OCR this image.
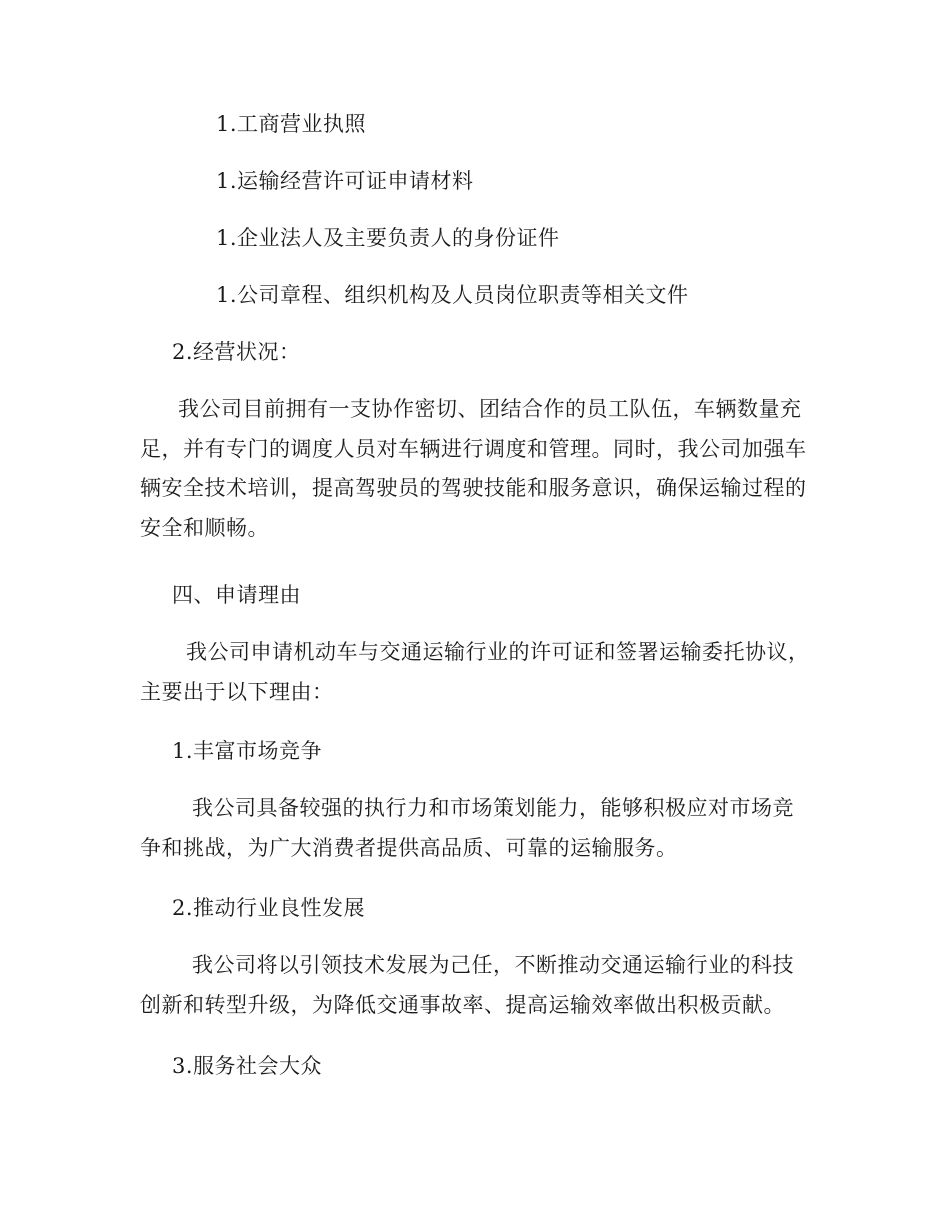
1.工商营业执照
1.运输经营许可证申请材料
1.企业法人及主要负责人的身份证件
1.公司章程、组织机构及人员岗位职责等相关文件
2.经营状况：
我公司目前拥有一支协作密切、团结合作的员工队伍，车辆数量充足，并有专门的调度人员对车辆进行调度和管理。同时，我公司加强车辆安全技术培训，提高驾驶员的驾驶技能和服务意识，确保运输过程的安全和顺畅。
四、申请理由
我公司申请机动车与交通运输行业的许可证和签署运输委托协议，主要出于以下理由：
1.丰富市场竞争
我公司具备较强的执行力和市场策划能力，能够积极应对市场竞争和挑战，为广大消费者提供高品质、可靠的运输服务。
2.推动行业良性发展
我公司将以引领技术发展为己任，不断推动交通运输行业的科技创新和转型升级，为降低交通事故率、提高运输效率做出积极贡献。
3.服务社会大众
